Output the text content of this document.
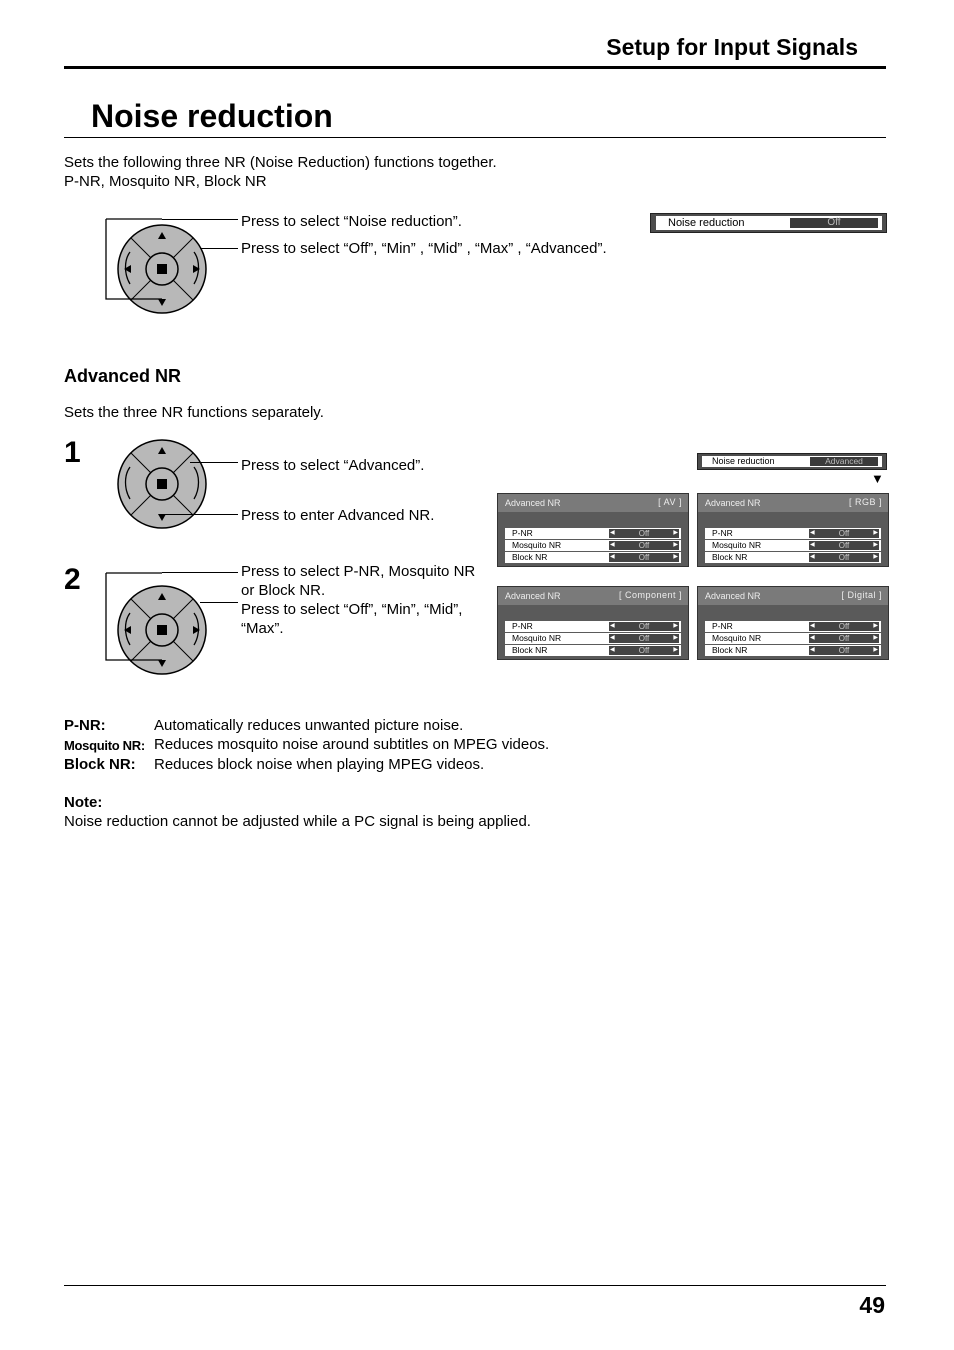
Setup for Input Signals
Noise reduction
Sets the following three NR (Noise Reduction) functions together.
P-NR, Mosquito NR, Block NR
Press to select “Noise reduction”.
Press to select “Off”, “Min” , “Mid” , “Max” , “Advanced”.
Noise reduction	Off
Advanced NR
Sets the three NR functions separately.
1	Press to select “Advanced”.
Press to enter Advanced NR.
Noise reduction	Advanced
▼
2	Press to select P-NR, Mosquito NR
or Block NR.
Press to select “Off”, “Min”, “Mid”,
“Max”.
Advanced NR	[ AV ]
P-NR	◀	Off	▶
Mosquito NR	◀	Off	▶
Block NR	◀	Off	▶
Advanced NR	[ RGB ]
P-NR	◀	Off	▶
Mosquito NR	◀	Off	▶
Block NR	◀	Off	▶
Advanced NR	[ Component ]
P-NR	◀	Off	▶
Mosquito NR	◀	Off	▶
Block NR	◀	Off	▶
Advanced NR	[ Digital ]
P-NR	◀	Off	▶
Mosquito NR	◀	Off	▶
Block NR	◀	Off	▶
P-NR:	Automatically reduces unwanted picture noise.
Mosquito NR: Reduces mosquito noise around subtitles on MPEG videos.
Block NR: Reduces block noise when playing MPEG videos.
Note:
Noise reduction cannot be adjusted while a PC signal is being applied.
49
